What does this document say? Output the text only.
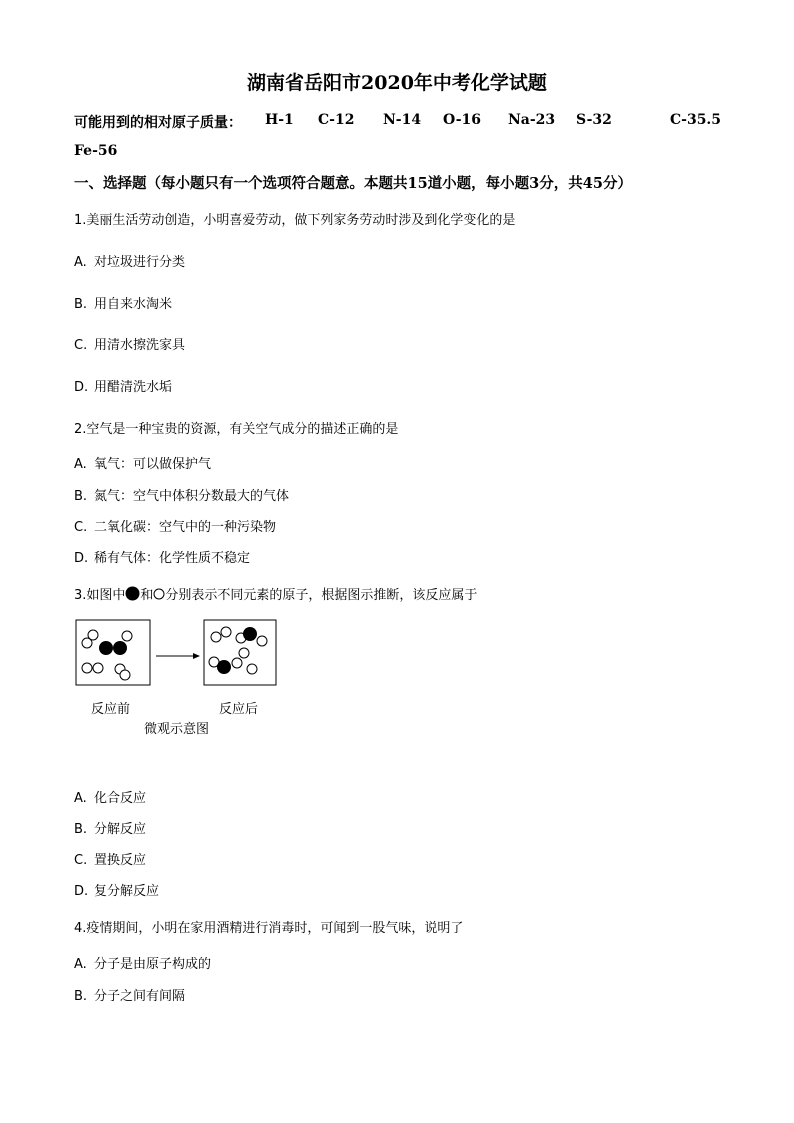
湖南省岳阳市2020年中考化学试题
可能用到的相对原子质量： H-1 C-12 N-14 O-16 Na-23 S-32	C-35.5
Fe-56
一、选择题（每小题只有一个选项符合题意。本题共15道小题，每小题3分，共45分）
1.美丽生活劳动创造，小明喜爱劳动，做下列家务劳动时涉及到化学变化的是
A. 对垃圾进行分类
B. 用自来水淘米
C. 用清水擦洗家具
D. 用醋清洗水垢
2.空气是一种宝贵的资源，有关空气成分的描述正确的是
A. 氧气：可以做保护气
B. 氮气：空气中体积分数最大的气体
C. 二氧化碳：空气中的一种污染物
D. 稀有气体：化学性质不稳定
3.如图中 和 分别表示不同元素的原子，根据图示推断，该反应属于
反应前	反应后
微观示意图
A. 化合反应
B. 分解反应
C. 置换反应
D. 复分解反应
4.疫情期间，小明在家用酒精进行消毒时，可闻到一股气味，说明了
A. 分子是由原子构成的
B. 分子之间有间隔
